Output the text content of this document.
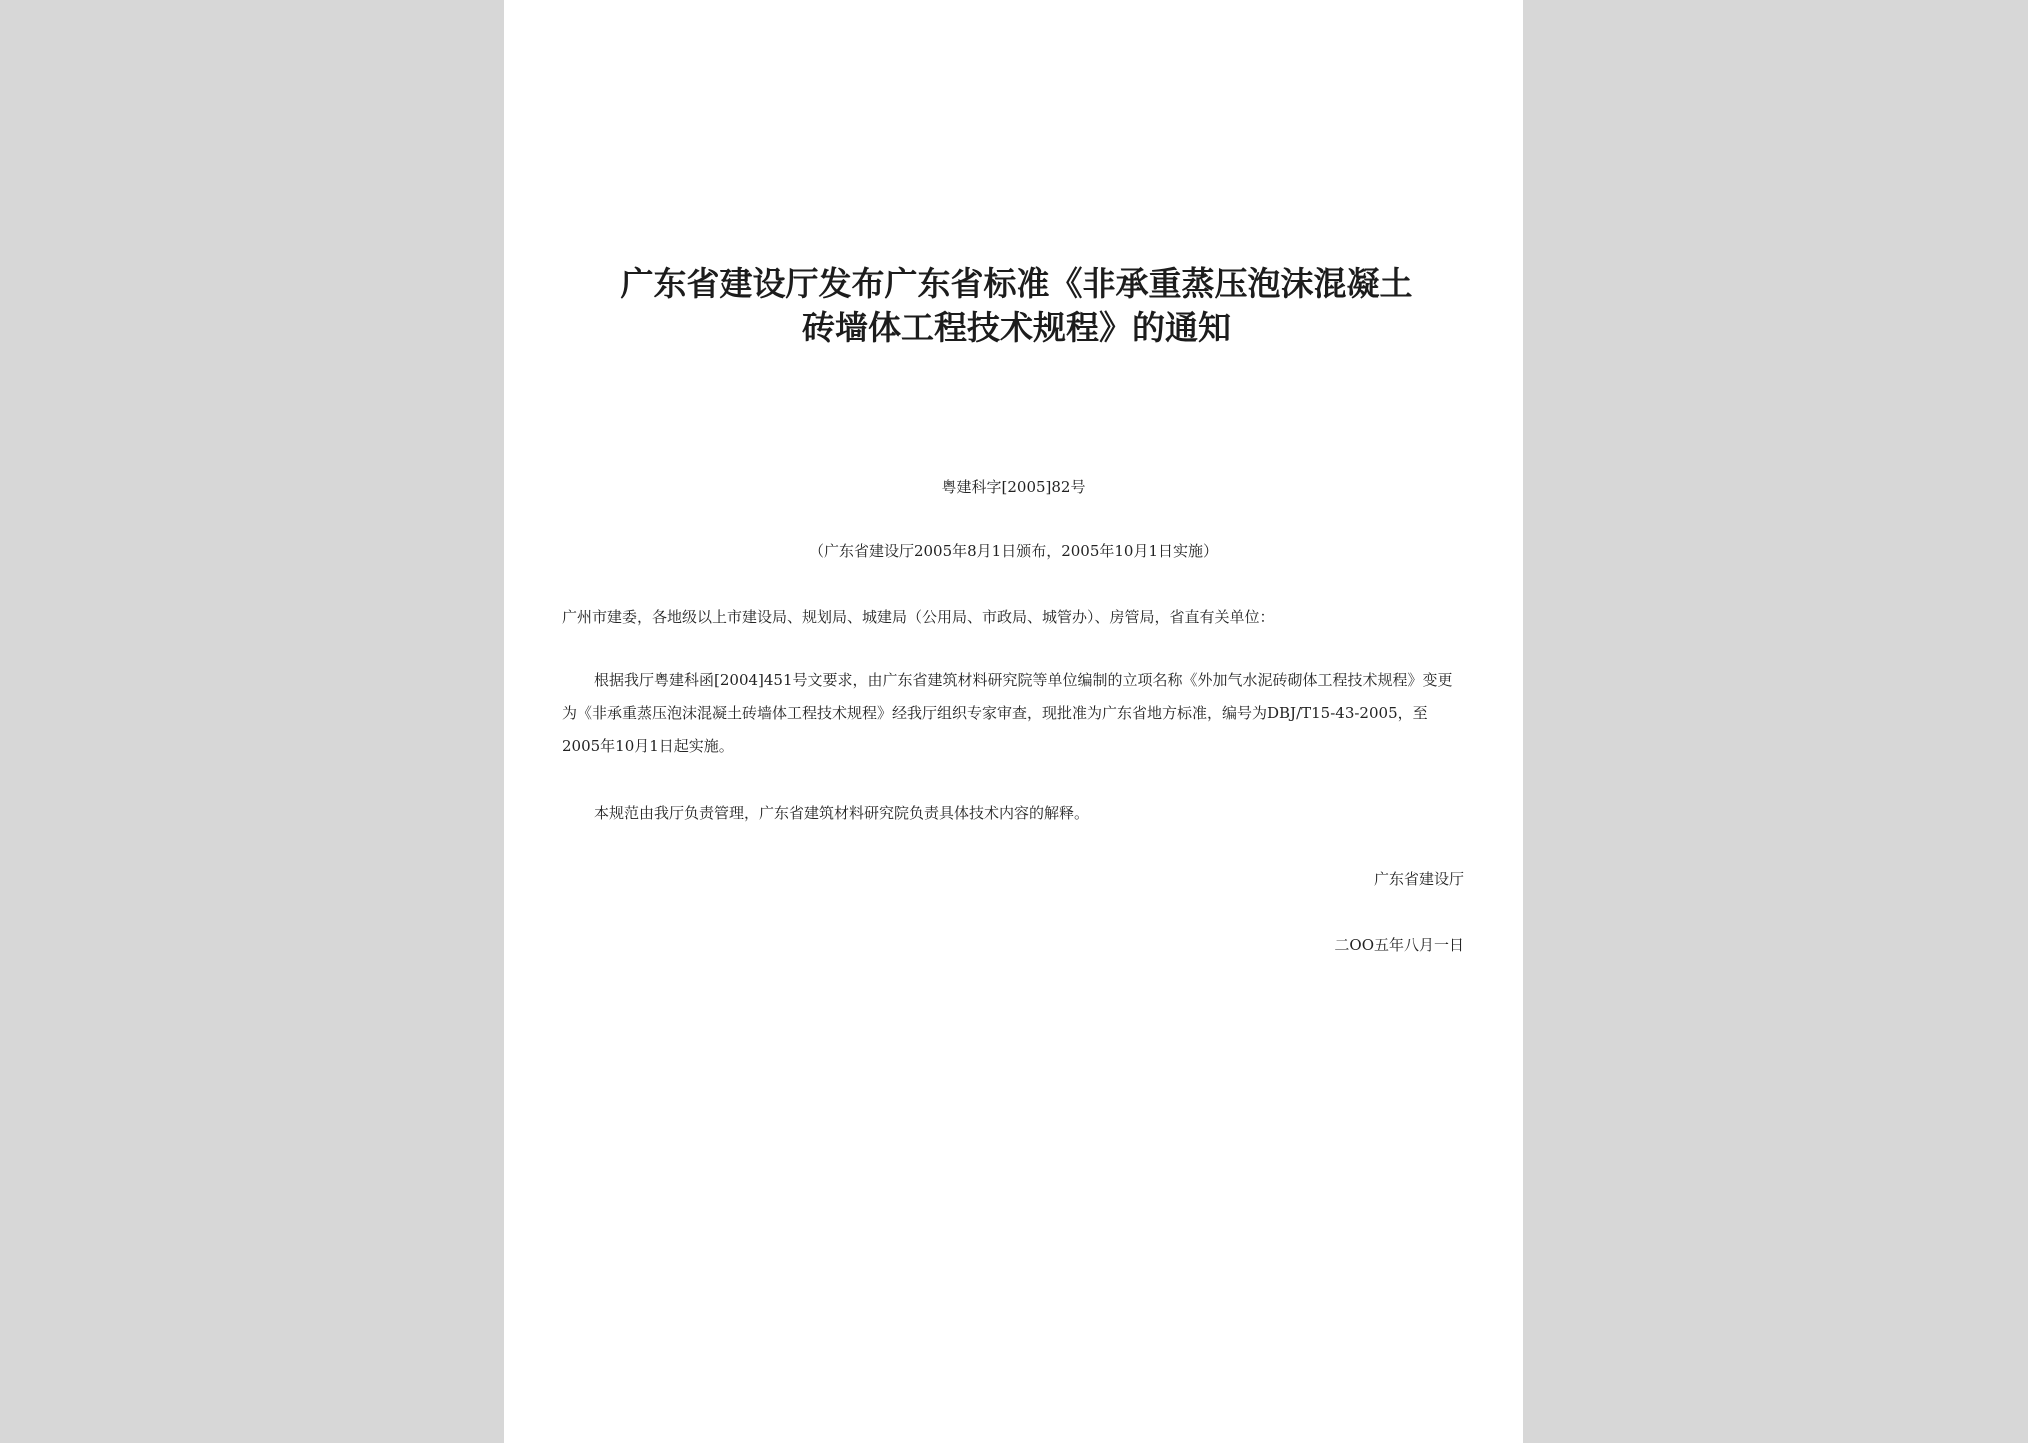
广东省建设厅发布广东省标准《非承重蒸压泡沫混凝土
砖墙体工程技术规程》的通知
粤建科字[2005]82号
（广东省建设厅2005年8月1日颁布，2005年10月1日实施）
广州市建委，各地级以上市建设局、规划局、城建局（公用局、市政局、城管办）、房管局，省直有关单位：
根据我厅粤建科函[2004]451号文要求，由广东省建筑材料研究院等单位编制的立项名称《外加气水泥砖砌体工程技术规程》变更为《非承重蒸压泡沫混凝土砖墙体工程技术规程》经我厅组织专家审查，现批准为广东省地方标准，编号为DBJ/T15-43-2005，至2005年10月1日起实施。
本规范由我厅负责管理，广东省建筑材料研究院负责具体技术内容的解释。
广东省建设厅
二OO五年八月一日
